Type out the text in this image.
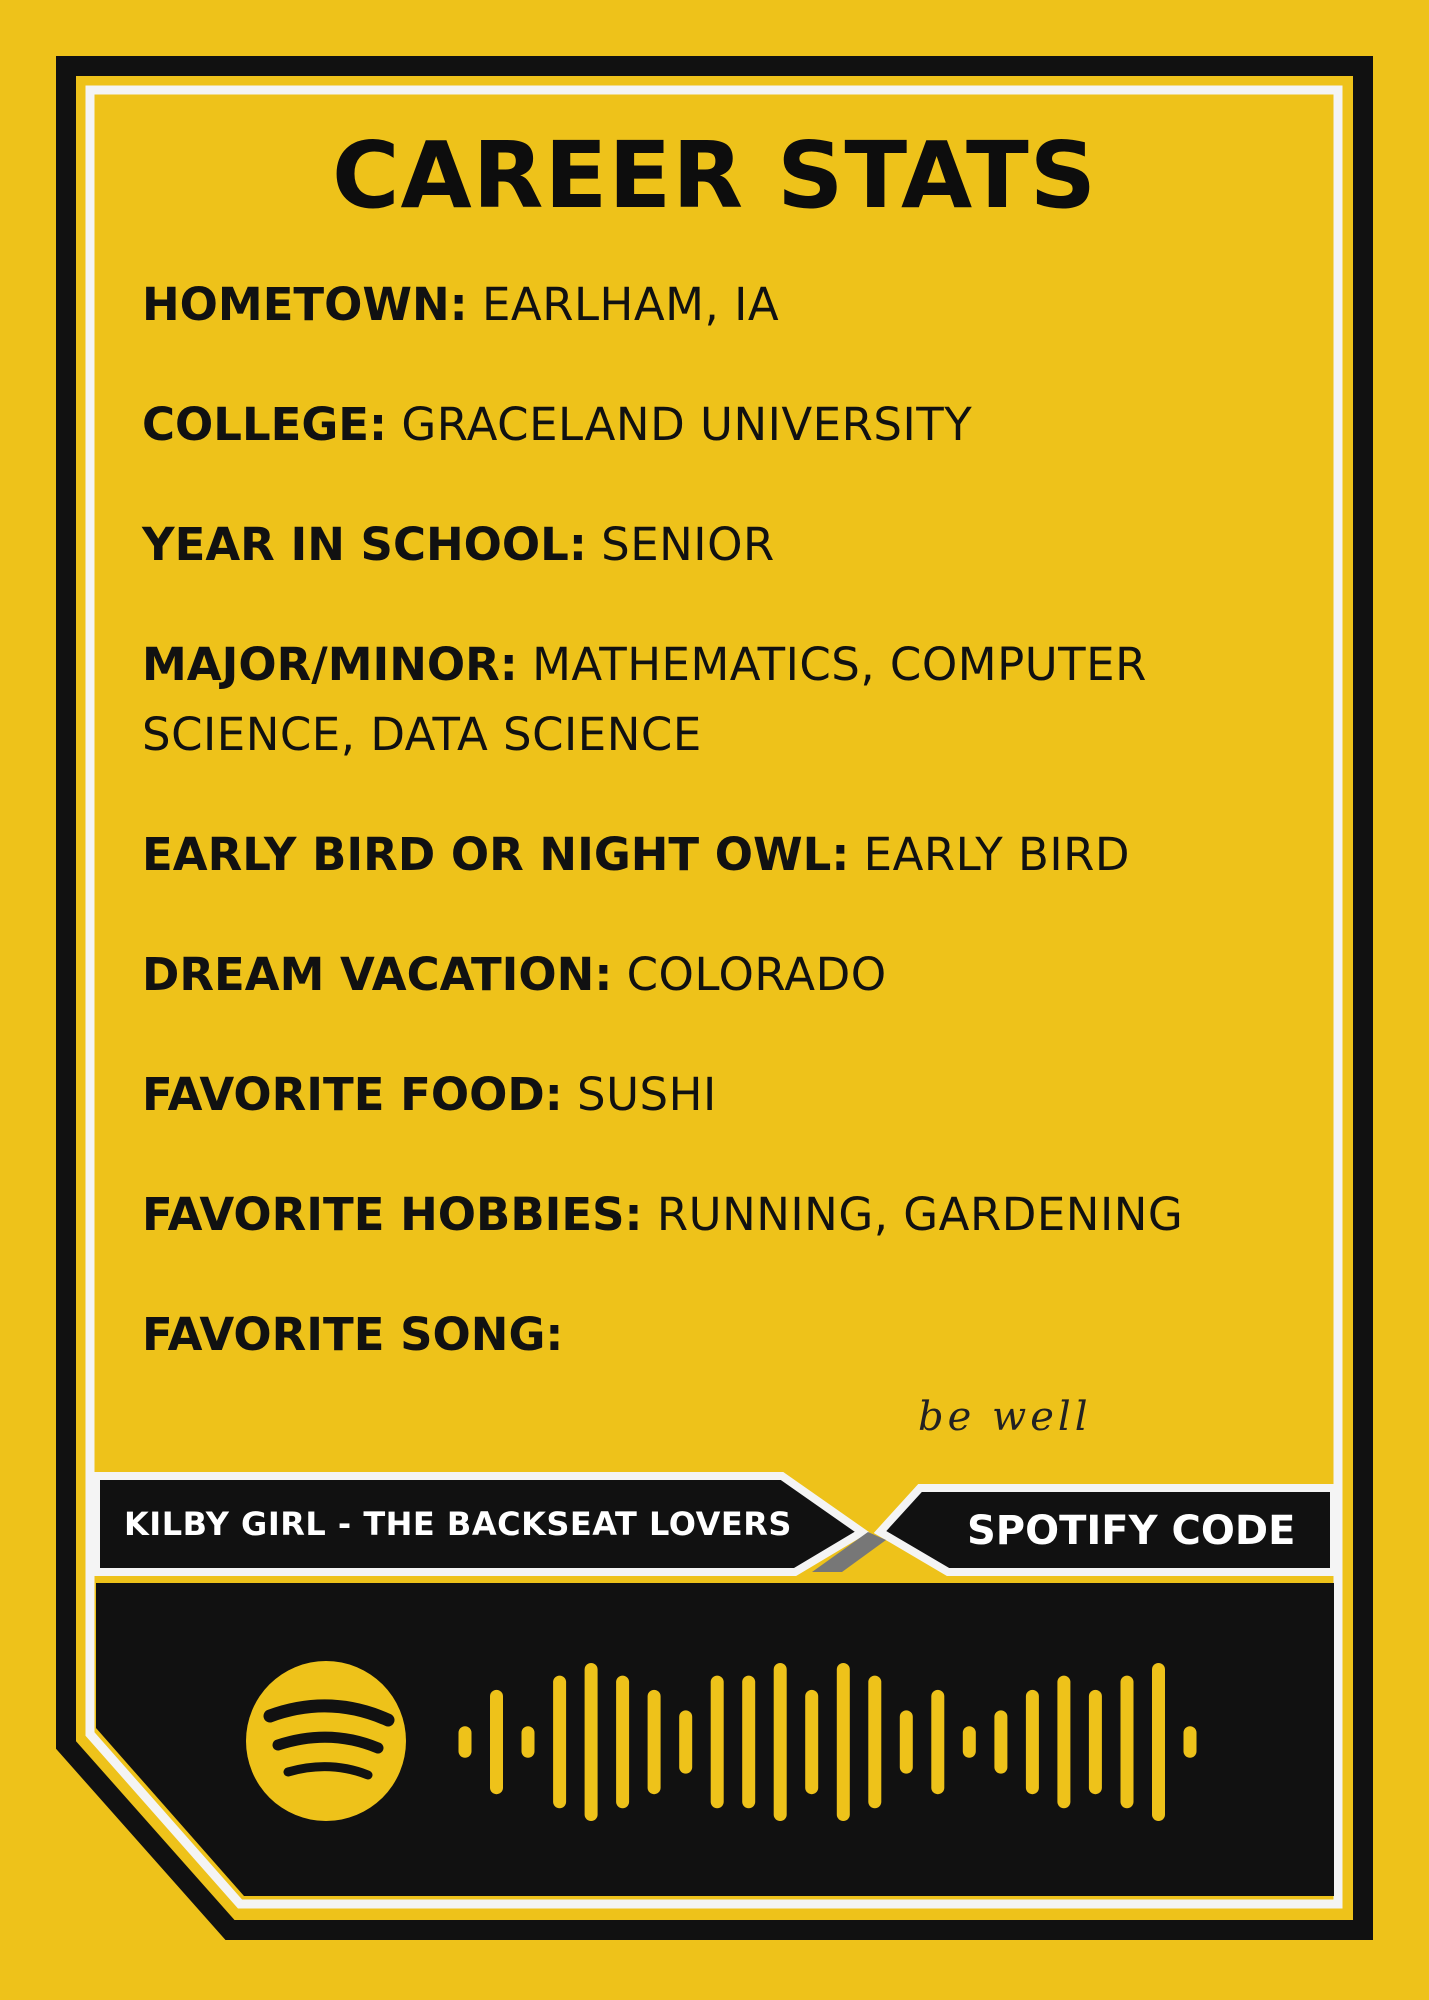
CAREER STATS
HOMETOWN: EARLHAM, IA
COLLEGE: GRACELAND UNIVERSITY
YEAR IN SCHOOL: SENIOR
MAJOR/MINOR: MATHEMATICS, COMPUTER SCIENCE, DATA SCIENCE
EARLY BIRD OR NIGHT OWL: EARLY BIRD
DREAM VACATION: COLORADO
FAVORITE FOOD: SUSHI
FAVORITE HOBBIES: RUNNING, GARDENING
FAVORITE SONG:
be well
KILBY GIRL - THE BACKSEAT LOVERS	SPOTIFY CODE
